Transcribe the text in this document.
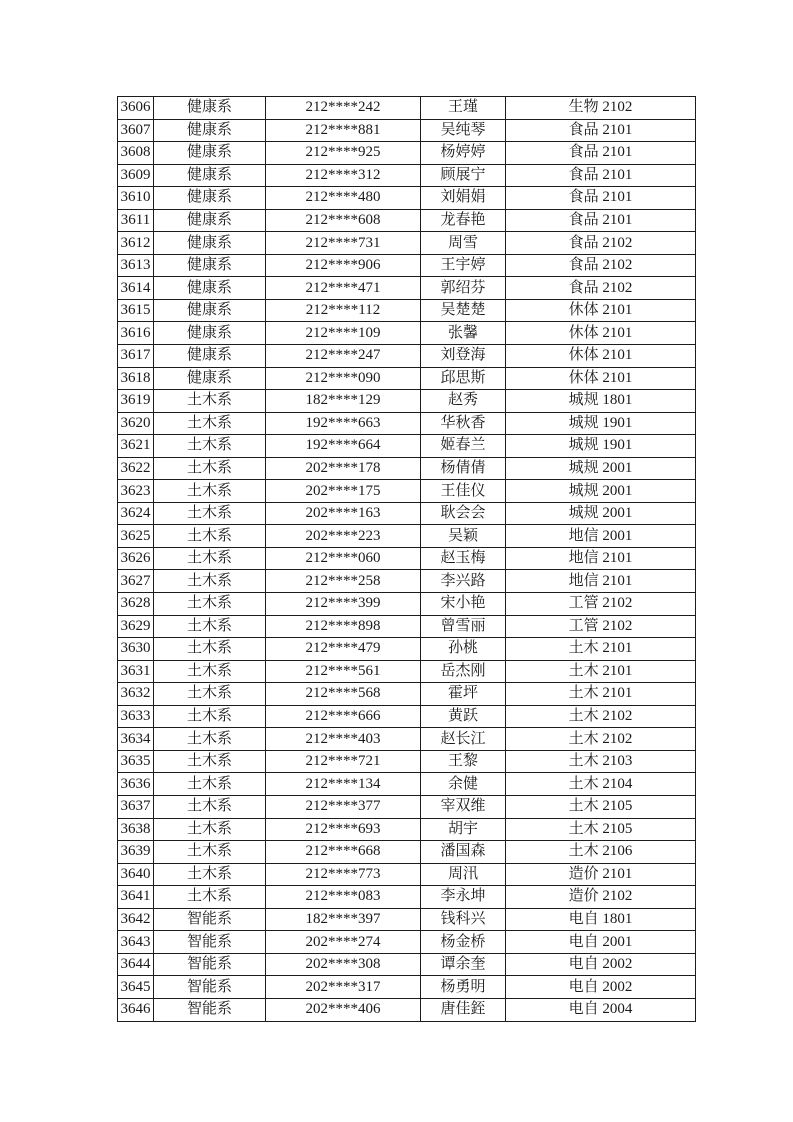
3606	健康系	212****242	王瑾	生物 2102
3607	健康系	212****881	吴纯琴	食品 2101
3608	健康系	212****925	杨婷婷	食品 2101
3609	健康系	212****312	顾展宁	食品 2101
3610	健康系	212****480	刘娟娟	食品 2101
3611	健康系	212****608	龙春艳	食品 2101
3612	健康系	212****731	周雪	食品 2102
3613	健康系	212****906	王宇婷	食品 2102
3614	健康系	212****471	郭绍芬	食品 2102
3615	健康系	212****112	吴楚楚	休体 2101
3616	健康系	212****109	张馨	休体 2101
3617	健康系	212****247	刘登海	休体 2101
3618	健康系	212****090	邱思斯	休体 2101
3619	土木系	182****129	赵秀	城规 1801
3620	土木系	192****663	华秋香	城规 1901
3621	土木系	192****664	姬春兰	城规 1901
3622	土木系	202****178	杨倩倩	城规 2001
3623	土木系	202****175	王佳仪	城规 2001
3624	土木系	202****163	耿会会	城规 2001
3625	土木系	202****223	吴颖	地信 2001
3626	土木系	212****060	赵玉梅	地信 2101
3627	土木系	212****258	李兴路	地信 2101
3628	土木系	212****399	宋小艳	工管 2102
3629	土木系	212****898	曾雪丽	工管 2102
3630	土木系	212****479	孙桃	土木 2101
3631	土木系	212****561	岳杰刚	土木 2101
3632	土木系	212****568	霍坪	土木 2101
3633	土木系	212****666	黄跃	土木 2102
3634	土木系	212****403	赵长江	土木 2102
3635	土木系	212****721	王黎	土木 2103
3636	土木系	212****134	余健	土木 2104
3637	土木系	212****377	宰双维	土木 2105
3638	土木系	212****693	胡宇	土木 2105
3639	土木系	212****668	潘国森	土木 2106
3640	土木系	212****773	周汛	造价 2101
3641	土木系	212****083	李永坤	造价 2102
3642	智能系	182****397	钱科兴	电自 1801
3643	智能系	202****274	杨金桥	电自 2001
3644	智能系	202****308	谭余奎	电自 2002
3645	智能系	202****317	杨勇明	电自 2002
3646	智能系	202****406	唐佳銍	电自 2004
